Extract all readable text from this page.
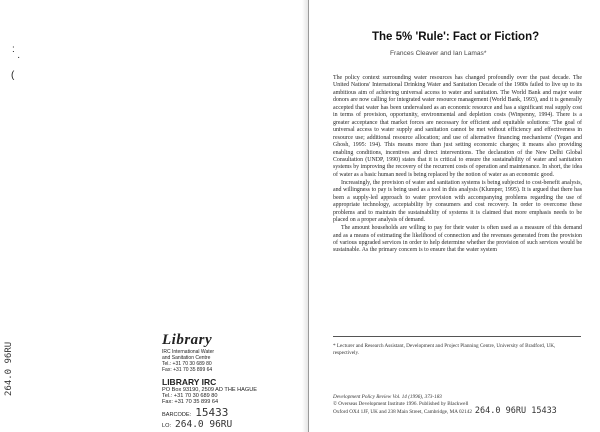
:
·
(
264.0 96RU
Library
IRC International Water
and Sanitation Centre
Tel.: +31 70 30 689 80
Fax: +31 70 35 899 64
LIBRARY IRC
PO Box 93190, 2509 AD THE HAGUE
Tel.: +31 70 30 689 80
Fax: +31 70 35 899 64
BARCODE: 15433
LO: 264.0 96RU
The 5% 'Rule': Fact or Fiction?
Frances Cleaver and Ian Lamas*

The policy context surrounding water resources has changed profoundly over the past decade. The United Nations' International Drinking Water and Sanitation Decade of the 1980s failed to live up to its ambitious aim of achieving universal access to water and sanitation. The World Bank and major water donors are now calling for integrated water resource management (World Bank, 1993), and it is generally accepted that water has been undervalued as an economic resource and has a significant real supply cost in terms of provision, opportunity, environmental and depletion costs (Winpenny, 1994). There is a greater acceptance that market forces are necessary for efficient and equitable solutions: 'The goal of universal access to water supply and sanitation cannot be met without efficiency and effectiveness in resource use; additional resource allocation; and use of alternative financing mechanisms' (Yegan and Ghosh, 1995: 194). This means more than just setting economic charges; it means also providing enabling conditions, incentives and direct interventions. The declaration of the New Delhi Global Consultation (UNDP, 1990) states that it is critical to ensure the sustainability of water and sanitation systems by improving the recovery of the recurrent costs of operation and maintenance. In short, the idea of water as a basic human need is being replaced by the notion of water as an economic good.

Increasingly, the provision of water and sanitation systems is being subjected to cost-benefit analysis, and willingness to pay is being used as a tool in this analysis (Klumper, 1995). It is argued that there has been a supply-led approach to water provision with accompanying problems regarding the use of appropriate technology, acceptability by consumers and cost recovery. In order to overcome these problems and to maintain the sustainability of systems it is claimed that more emphasis needs to be placed on a proper analysis of demand.

The amount households are willing to pay for their water is often used as a measure of this demand and as a means of estimating the likelihood of connection and the revenues generated from the provision of various upgraded services in order to help determine whether the provision of such services would be sustainable. As the primary concern is to ensure that the water system

* Lecturer and Research Assistant, Development and Project Planning Centre, University of Bradford, UK, respectively.
Development Policy Review Vol. 14 (1996), 373-183
© Overseas Development Institute 1996. Published by Blackwell
Oxford OX4 1JF, UK and 238 Main Street, Cambridge, MA 02142 264.0 96RU 15433
